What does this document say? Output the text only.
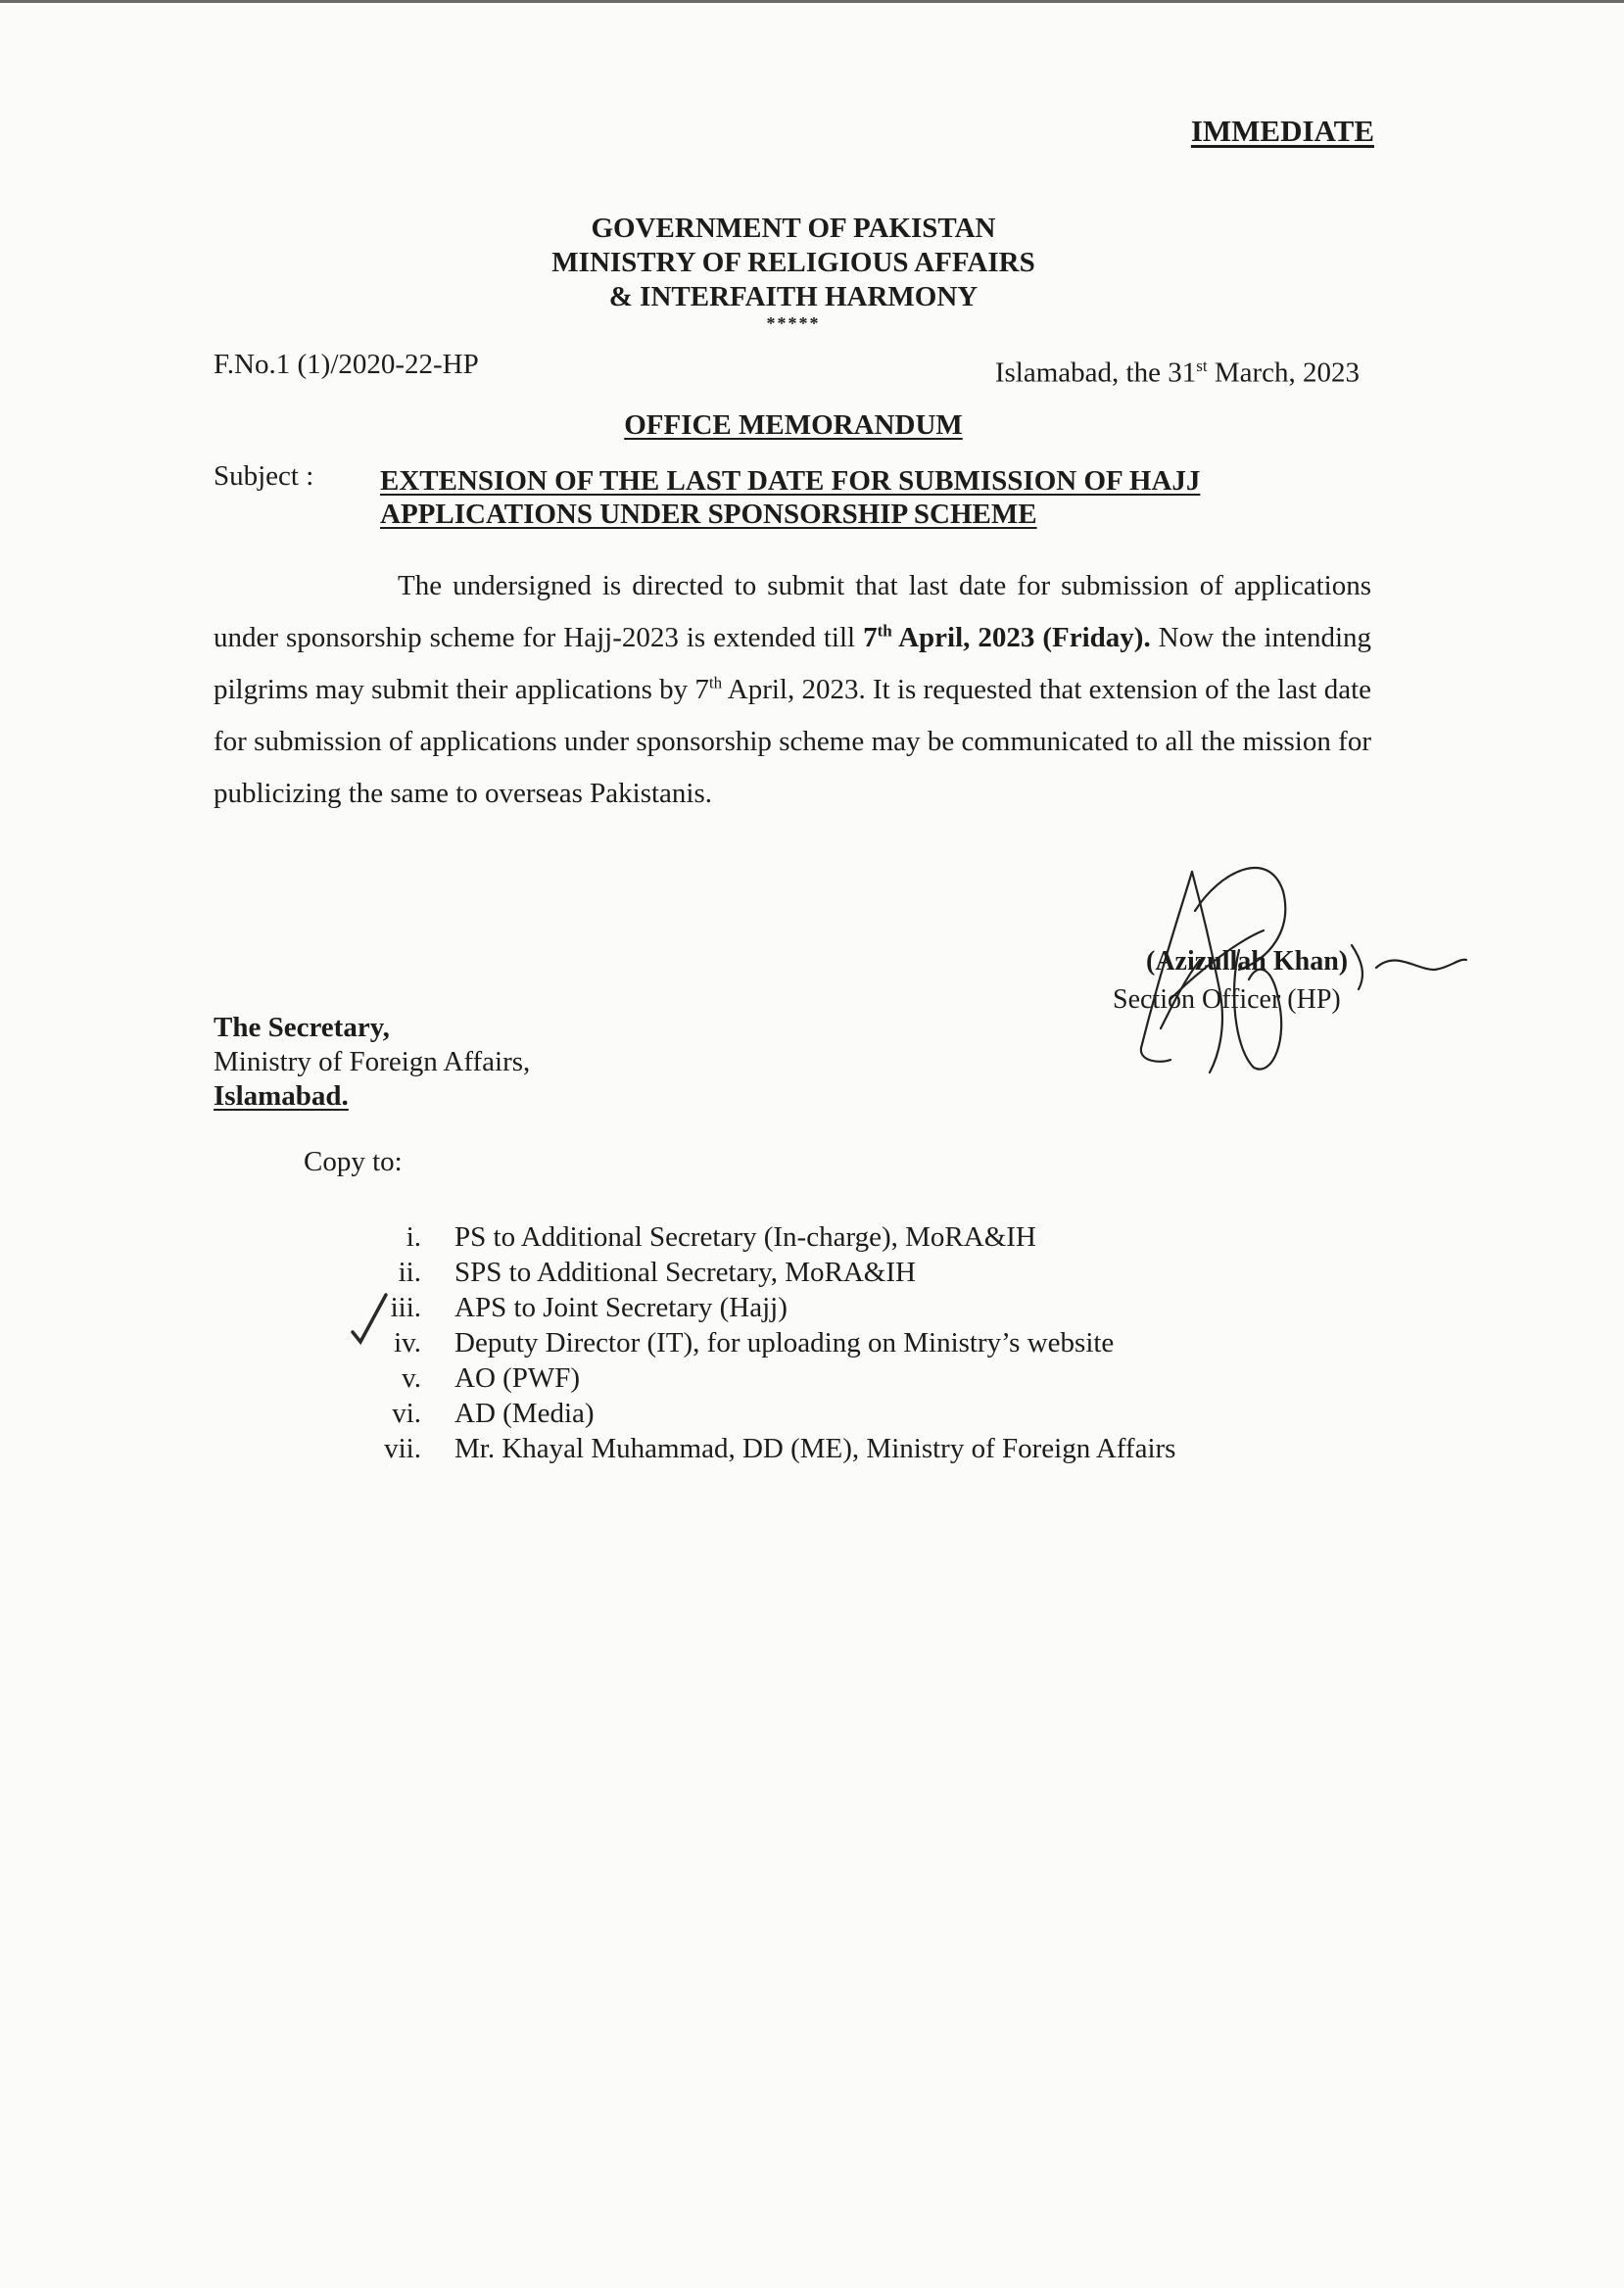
IMMEDIATE
GOVERNMENT OF PAKISTAN
MINISTRY OF RELIGIOUS AFFAIRS
& INTERFAITH HARMONY
*****
F.No.1 (1)/2020-22-HP	Islamabad, the 31st March, 2023
OFFICE MEMORANDUM
Subject : EXTENSION OF THE LAST DATE FOR SUBMISSION OF HAJJ
APPLICATIONS UNDER SPONSORSHIP SCHEME
The undersigned is directed to submit that last date for submission of applications under sponsorship scheme for Hajj-2023 is extended till 7th April, 2023 (Friday). Now the intending pilgrims may submit their applications by 7th April, 2023. It is requested that extension of the last date for submission of applications under sponsorship scheme may be communicated to all the mission for publicizing the same to overseas Pakistanis.
(Azizullah Khan)
Section Officer (HP)
The Secretary,
Ministry of Foreign Affairs,
Islamabad.
Copy to:
i.	PS to Additional Secretary (In-charge), MoRA&IH
ii.	SPS to Additional Secretary, MoRA&IH
iii.	APS to Joint Secretary (Hajj)
iv.	Deputy Director (IT), for uploading on Ministry’s website
v.	AO (PWF)
vi.	AD (Media)
vii.	Mr. Khayal Muhammad, DD (ME), Ministry of Foreign Affairs
